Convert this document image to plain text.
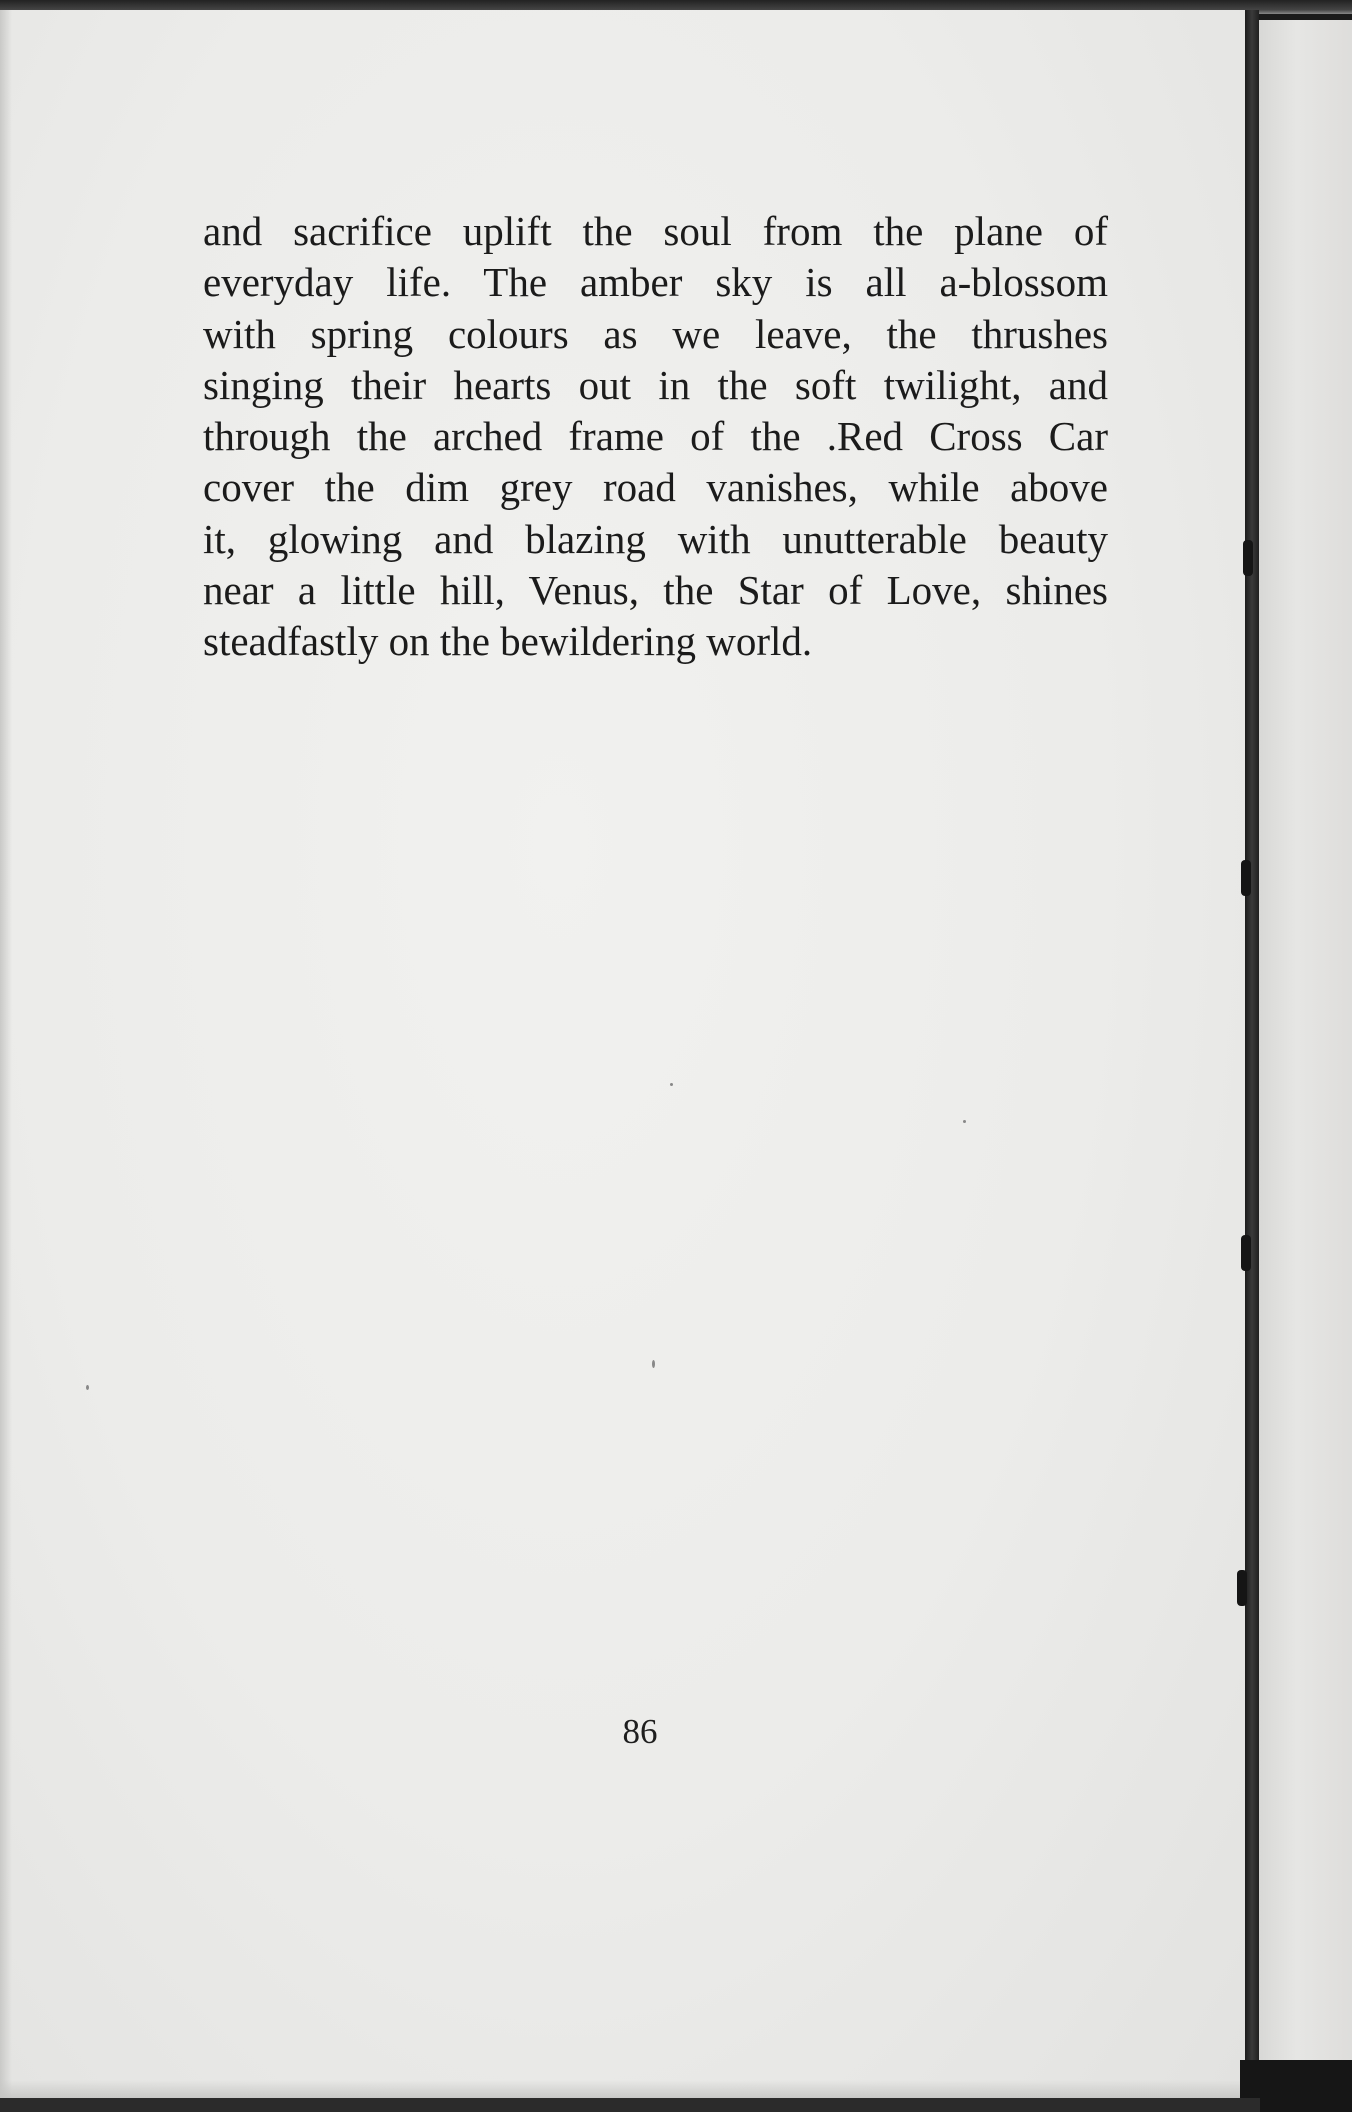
and sacrifice uplift the soul from the plane of
everyday life. The amber sky is all a-blossom
with spring colours as we leave, the thrushes
singing their hearts out in the soft twilight, and
through the arched frame of the .Red Cross Car
cover the dim grey road vanishes, while above
it, glowing and blazing with unutterable beauty
near a little hill, Venus, the Star of Love, shines
steadfastly on the bewildering world.
86
